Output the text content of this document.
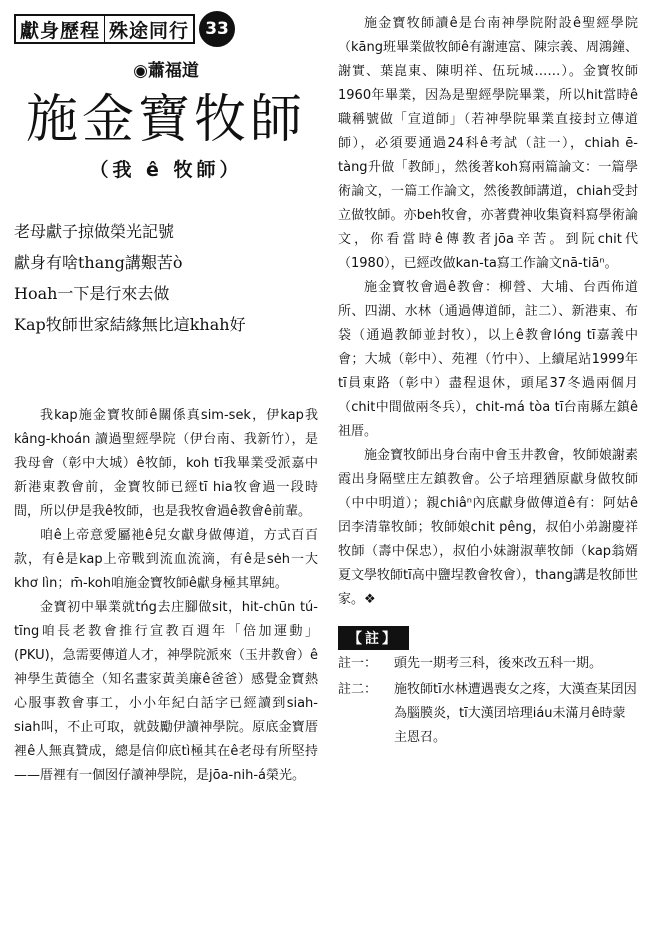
獻身歷程 殊途同行 33
◉蕭福道
施金寶牧師
（我 ê 牧師）
老母獻子掠做榮光記號
獻身有啥thang講艱苦ò
Hoah一下是行來去做
Kap牧師世家結緣無比這khah好

我kap施金寶牧師ê關係真sim-sek，伊kap我 kâng-khoán 讀過聖經學院（伊台南、我新竹），是我母會（彰中大城）ê牧師，koh tī我畢業受派嘉中新港東教會前，金寶牧師已經tī hia牧會過一段時間，所以伊是我ê牧師，也是我牧會過ê教會ê前輩。

咱ê上帝意愛屬祂ê兒女獻身做傳道，方式百百款，有ê是kap上帝戰到流血流滴，有ê是sėh一大khơ lìn；m̄-koh咱施金寶牧師ê獻身極其單純。

金寶初中畢業就tńg去庄腳做sit，hit-chūn tú-tīng咱長老教會推行宣教百週年「倍加運動」(PKU)，急需要傳道人才，神學院派來（玉井教會）ê神學生黃德全（知名畫家黃美廉ê爸爸）感覺金寶熱心服事教會事工，小小年紀白話字已經讀到siah-siah叫，不止可取，就鼓勵伊讀神學院。原底金寶厝裡ê人無真贊成，總是信仰底tì極其在ê老母有所堅持——厝裡有一個囡仔讀神學院，是jōa-nih-á榮光。

施金寶牧師讀ê是台南神學院附設ê聖經學院（kāng班畢業做牧師ê有謝連富、陳宗義、周鴻鐘、謝實、葉崑東、陳明祥、伍玩城……）。金寶牧師1960年畢業，因為是聖經學院畢業，所以hit當時ê職稱號做「宣道師」（若神學院畢業直接封立傳道師），必須要通過24科ê考試（註一），chiah ē-tàng升做「教師」，然後著koh寫兩篇論文：一篇學術論文，一篇工作論文，然後教師講道，chiah受封立做牧師。亦beh牧會，亦著費神收集資料寫學術論文，你看當時ê傳教者jōa辛苦。到阮chit代（1980），已經改做kan-ta寫工作論文nā-tiāⁿ。

施金寶牧會過ê教會：柳營、大埔、台西佈道所、四湖、水林（通過傳道師，註二）、新港東、布袋（通過教師並封牧），以上ê教會lóng tī嘉義中會；大城（彰中）、苑裡（竹中）、上續尾站1999年tī員東路（彰中）盡程退休，頭尾37冬過兩個月（chit中間做兩冬兵），chit-má tòa tī台南縣左鎮ê祖厝。

施金寶牧師出身台南中會玉井教會，牧師娘謝素霞出身隔壁庄左鎮教會。公子培理猶原獻身做牧師（中中明道）；親chiâⁿ內底獻身做傳道ê有：阿姑ê囝李清靠牧師；牧師娘chit pêng，叔伯小弟謝慶祥牧師（壽中保忠），叔伯小妹謝淑華牧師（kap翁婿夏文學牧師tī高中鹽埕教會牧會），thang講是牧師世家。❖

【註】
註一：	頭先一期考三科，後來改五科一期。
註二：	施牧師tī水林遭遇喪女之疼，大漢查某囝因為腦膜炎，tī大漢囝培理iáu未滿月ê時蒙主恩召。
